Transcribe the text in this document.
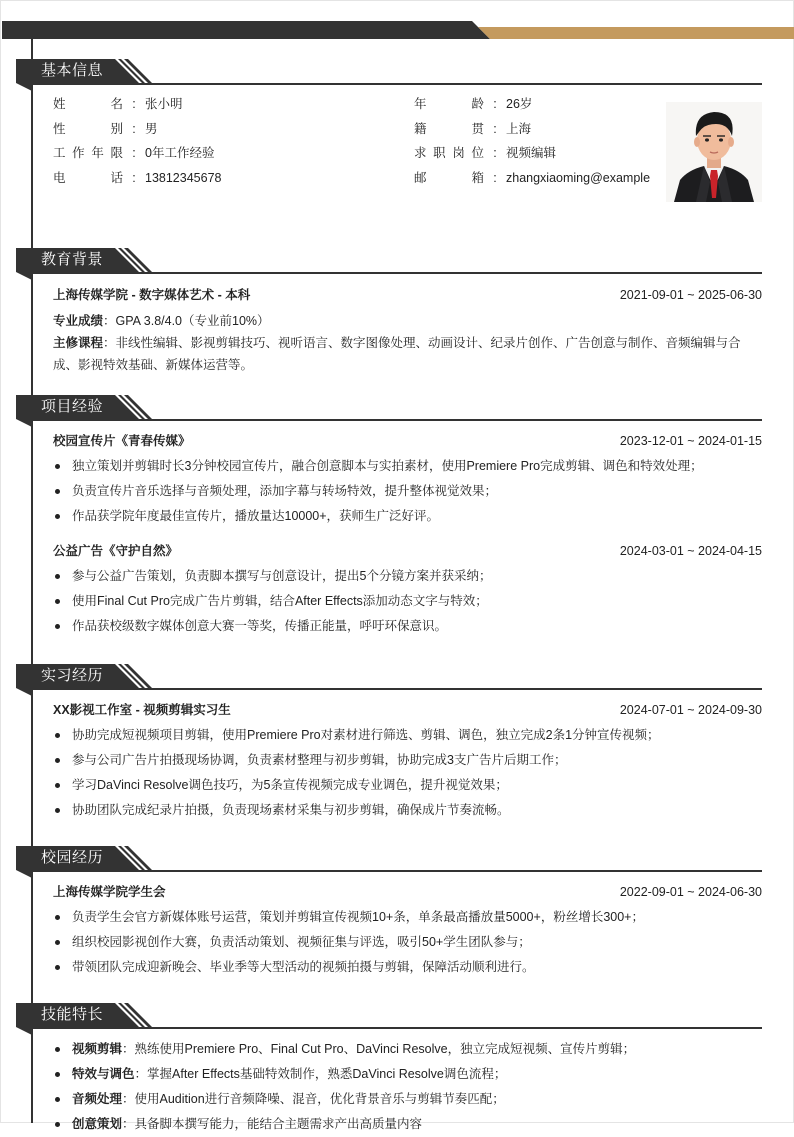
基本信息
姓名 : 张小明
性别 : 男
工作年限 : 0年工作经验
电话 : 13812345678
年龄 : 26岁
籍贯 : 上海
求职岗位 : 视频编辑
邮箱 : zhangxiaoming@example
教育背景
上海传媒学院 - 数字媒体艺术 - 本科	2021-09-01 ~ 2025-06-30
专业成绩：GPA 3.8/4.0（专业前10%）
主修课程：非线性编辑、影视剪辑技巧、视听语言、数字图像处理、动画设计、纪录片创作、广告创意与制作、音频编辑与合成、影视特效基础、新媒体运营等。
项目经验
校园宣传片《青春传媒》	2023-12-01 ~ 2024-01-15
独立策划并剪辑时长3分钟校园宣传片，融合创意脚本与实拍素材，使用Premiere Pro完成剪辑、调色和特效处理；
负责宣传片音乐选择与音频处理，添加字幕与转场特效，提升整体视觉效果；
作品获学院年度最佳宣传片，播放量达10000+，获师生广泛好评。
公益广告《守护自然》	2024-03-01 ~ 2024-04-15
参与公益广告策划，负责脚本撰写与创意设计，提出5个分镜方案并获采纳；
使用Final Cut Pro完成广告片剪辑，结合After Effects添加动态文字与特效；
作品获校级数字媒体创意大赛一等奖，传播正能量，呼吁环保意识。
实习经历
XX影视工作室 - 视频剪辑实习生	2024-07-01 ~ 2024-09-30
协助完成短视频项目剪辑，使用Premiere Pro对素材进行筛选、剪辑、调色，独立完成2条1分钟宣传视频；
参与公司广告片拍摄现场协调，负责素材整理与初步剪辑，协助完成3支广告片后期工作；
学习DaVinci Resolve调色技巧，为5条宣传视频完成专业调色，提升视觉效果；
协助团队完成纪录片拍摄，负责现场素材采集与初步剪辑，确保成片节奏流畅。
校园经历
上海传媒学院学生会	2022-09-01 ~ 2024-06-30
负责学生会官方新媒体账号运营，策划并剪辑宣传视频10+条，单条最高播放量5000+，粉丝增长300+；
组织校园影视创作大赛，负责活动策划、视频征集与评选，吸引50+学生团队参与；
带领团队完成迎新晚会、毕业季等大型活动的视频拍摄与剪辑，保障活动顺利进行。
技能特长
视频剪辑：熟练使用Premiere Pro、Final Cut Pro、DaVinci Resolve，独立完成短视频、宣传片剪辑；
特效与调色：掌握After Effects基础特效制作，熟悉DaVinci Resolve调色流程；
音频处理：使用Audition进行音频降噪、混音，优化背景音乐与剪辑节奏匹配；
创意策划：具备脚本撰写能力，能结合主题需求产出高质量内容
